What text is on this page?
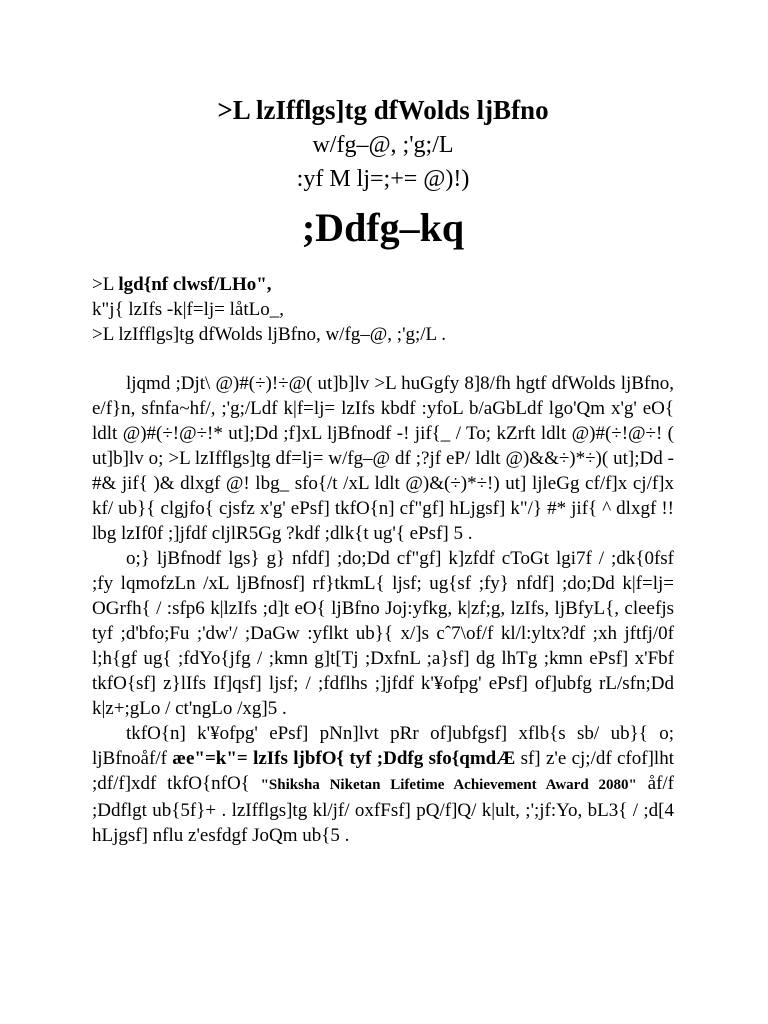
>L lzIfflgs]tg dfWolds ljBfno
w/fg–@, ;'g;/L
:yf M lj=;+= @)!)
;Ddfg–kq
>L lgd{nf clwsf/LHo",
k"j{ lzIfs -k|f=lj= låtLo_,
>L lzIfflgs]tg dfWolds ljBfno, w/fg–@, ;'g;/L .

ljqmd ;Djt\ @)#(÷)!÷@( ut]b]lv >L huGgfy 8]8/fh hgtf dfWolds ljBfno, e/f}n, sfnfa~hf/, ;'g;/Ldf k|f=lj= lzIfs kbdf :yfoL b/aGbLdf lgo'Qm x'g' eO{ ldlt @)#(÷!@÷!* ut];Dd ;f]xL ljBfnodf -! jif{_ / To; kZrft ldlt @)#(÷!@÷! ( ut]b]lv o; >L lzIfflgs]tg df=lj= w/fg–@ df ;?jf eP/ ldlt @)&&÷)*÷)( ut];Dd -#& jif{ )& dlxgf @! lbg_ sfo{/t /xL ldlt @)&(÷)*÷!) ut] ljleGg cf/f]x cj/f]x kf/ ub}{ clgjfo{ cjsfz x'g' ePsf] tkfO{n] cf"gf] hLjgsf] k"/} #* jif{ ^ dlxgf !! lbg lzIf0f ;]jfdf cljlR5Gg ?kdf ;dlk{t ug'{ ePsf] 5 .

o;} ljBfnodf lgs} g} nfdf] ;do;Dd cf"gf] k]zfdf cToGt lgi7f / ;dk{0fsf ;fy lqmofzLn /xL ljBfnosf] rf}tkmL{ ljsf; ug{sf ;fy} nfdf] ;do;Dd k|f=lj= OGrfh{ / :sfp6 k|lzIfs ;d]t eO{ ljBfno Joj:yfkg, k|zf;g, lzIfs, ljBfyL{, cleefjs tyf ;d'bfo;Fu ;'dw'/ ;DaGw :yflkt ub}{ x/]s cˆ7\of/f kl/l:yltx?df ;xh jftfj/0f l;h{gf ug{ ;fdYo{jfg / ;kmn g]t[Tj ;DxfnL ;a}sf] dg lhTg ;kmn ePsf] x'Fbf tkfO{sf] z}lIfs If]qsf] ljsf; / ;fdflhs ;]jfdf k'¥ofpg' ePsf] of]ubfg rL/sfn;Dd k|z+;gLo / ct'ngLo /xg]5 .

tkfO{n] k'¥ofpg' ePsf] pNn]lvt pRr of]ubfgsf] xflb{s sb/ ub}{ o; ljBfnoåf/f æe"=k"= lzIfs ljbfO{ tyf ;Ddfg sfo{qmdÆ sf] z'e cj;/df cfof]lht ;df/f]xdf tkfO{nfO{ "Shiksha Niketan Lifetime Achievement Award 2080" åf/f ;Ddflgt ub{5f}+ . lzIfflgs]tg kl/jf/ oxfFsf] pQ/f]Q/ k|ult, ;';jf:Yo, bL3{ / ;d[4 hLjgsf] nflu z'esfdgf JoQm ub{5 .
